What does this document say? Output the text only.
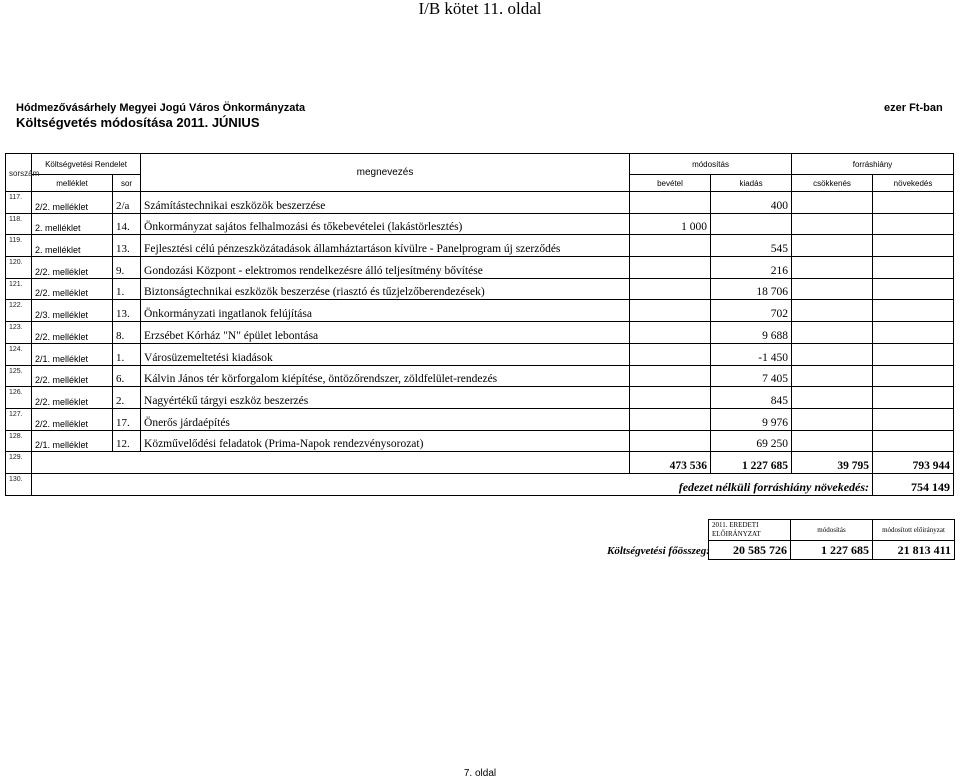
I/B kötet 11. oldal
Hódmezővásárhely Megyei Jogú Város Önkormányzata
Költségvetés módosítása 2011. JÚNIUS
ezer Ft-ban
sorszám	Költségvetési Rendelet		megnevezés	módosítás		forráshiány	
	melléklet	sor		bevétel	kiadás	csökkenés	növekedés
117.	2/2. melléklet	2/a	Számítástechnikai eszközök beszerzése		400		
118.	2. melléklet	14.	Önkormányzat sajátos felhalmozási és tőkebevételei (lakástörlesztés)	1 000			
119.	2. melléklet	13.	Fejlesztési célú pénzeszközátadások államháztartáson kívülre - Panelprogram új szerződés		545		
120.	2/2. melléklet	9.	Gondozási Központ - elektromos rendelkezésre álló teljesítmény bővítése		216		
121.	2/2. melléklet	1.	Biztonságtechnikai eszközök beszerzése (riasztó és tűzjelzőberendezések)		18 706		
122.	2/3. melléklet	13.	Önkormányzati ingatlanok felújítása		702		
123.	2/2. melléklet	8.	Erzsébet Kórház "N" épület lebontása		9 688		
124.	2/1. melléklet	1.	Városüzemeltetési kiadások		-1 450		
125.	2/2. melléklet	6.	Kálvin János tér körforgalom kiépítése, öntözőrendszer, zöldfelület-rendezés		7 405		
126.	2/2. melléklet	2.	Nagyértékű tárgyi eszköz beszerzés		845		
127.	2/2. melléklet	17.	Önerős járdaépítés		9 976		
128.	2/1. melléklet	12.	Közművelődési feladatok (Prima-Napok rendezvénysorozat)		69 250		
129.				473 536	1 227 685	39 795	793 944
130.	fedezet nélküli forráshiány növekedés:						754 149
Költségvetési főösszeg:
2011. EREDETI ELŐIRÁNYZAT	módosítás	módosított előirányzat
20 585 726	1 227 685	21 813 411
7. oldal
